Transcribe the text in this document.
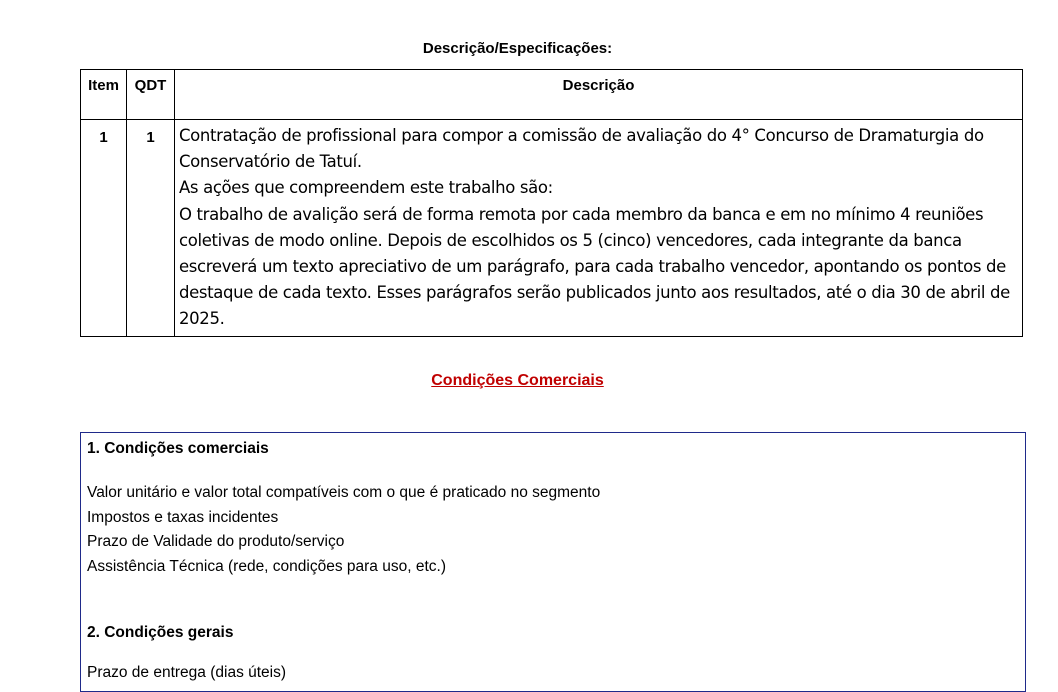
Descrição/Especificações:
Item	QDT	Descrição
1	1	Contratação de profissional para compor a comissão de avaliação do 4° Concurso de Dramaturgia do Conservatório de Tatuí.

As ações que compreendem este trabalho são:

O trabalho de avalição será de forma remota por cada membro da banca e em no mínimo 4 reuniões coletivas de modo online. Depois de escolhidos os 5 (cinco) vencedores, cada integrante da banca escreverá um texto apreciativo de um parágrafo, para cada trabalho vencedor, apontando os pontos de destaque de cada texto. Esses parágrafos serão publicados junto aos resultados, até o dia 30 de abril de 2025.

Condições Comerciais

1. Condições comerciais

Valor unitário e valor total compatíveis com o que é praticado no segmento

Impostos e taxas incidentes

Prazo de Validade do produto/serviço

Assistência Técnica (rede, condições para uso, etc.)

2. Condições gerais

Prazo de entrega (dias úteis)
